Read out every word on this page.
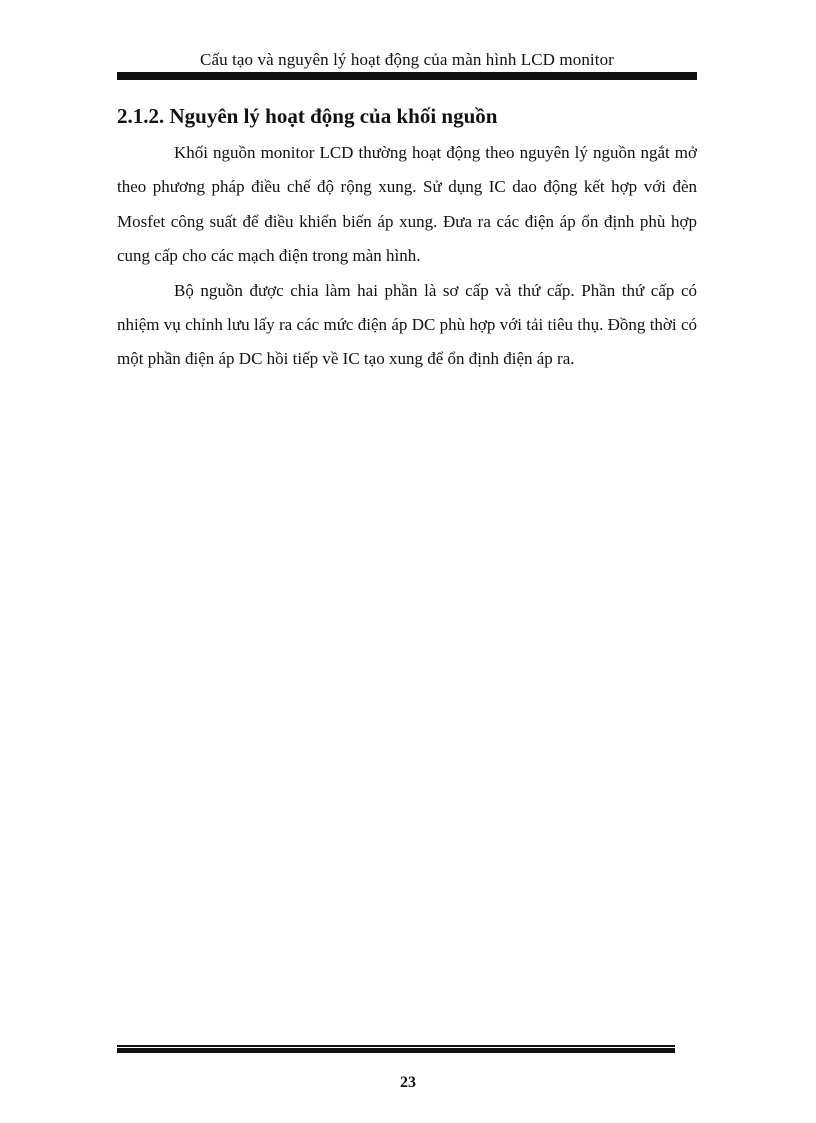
Cấu tạo và nguyên lý hoạt động của màn hình LCD monitor
2.1.2. Nguyên lý hoạt động của khối nguồn

Khối nguồn monitor LCD thường hoạt động theo nguyên lý nguồn ngắt mở theo phương pháp điều chế độ rộng xung. Sử dụng IC dao động kết hợp với đèn Mosfet công suất để điều khiển biến áp xung. Đưa ra các điện áp ổn định phù hợp cung cấp cho các mạch điện trong màn hình.

Bộ nguồn được chia làm hai phần là sơ cấp và thứ cấp. Phần thứ cấp có nhiệm vụ chỉnh lưu lấy ra các mức điện áp DC phù hợp với tải tiêu thụ. Đồng thời có một phần điện áp DC hồi tiếp về IC tạo xung để ổn định điện áp ra.

23
